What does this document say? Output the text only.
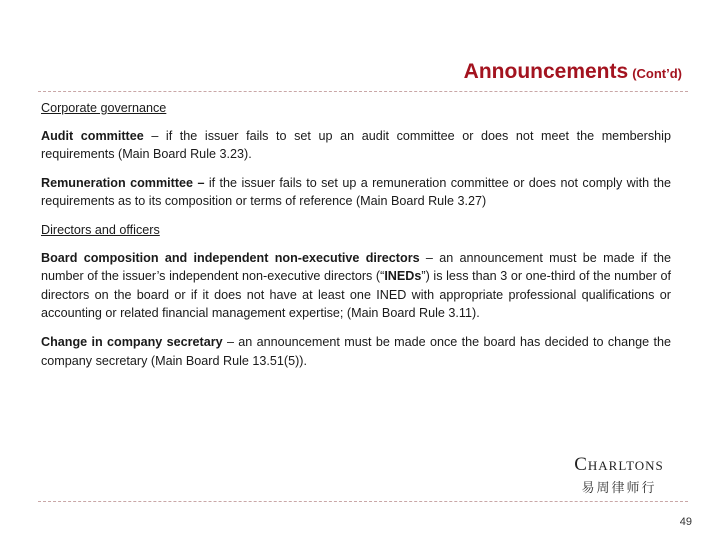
Announcements (Cont’d)

Corporate governance

Audit committee – if the issuer fails to set up an audit committee or does not meet the membership requirements (Main Board Rule 3.23).

Remuneration committee – if the issuer fails to set up a remuneration committee or does not comply with the requirements as to its composition or terms of reference (Main Board Rule 3.27)

Directors and officers

Board composition and independent non-executive directors – an announcement must be made if the number of the issuer’s independent non-executive directors (“INEDs”) is less than 3 or one-third of the number of directors on the board or if it does not have at least one INED with appropriate professional qualifications or accounting or related financial management expertise; (Main Board Rule 3.11).

Change in company secretary – an announcement must be made once the board has decided to change the company secretary (Main Board Rule 13.51(5)).

Charltons
易周律师行
49
